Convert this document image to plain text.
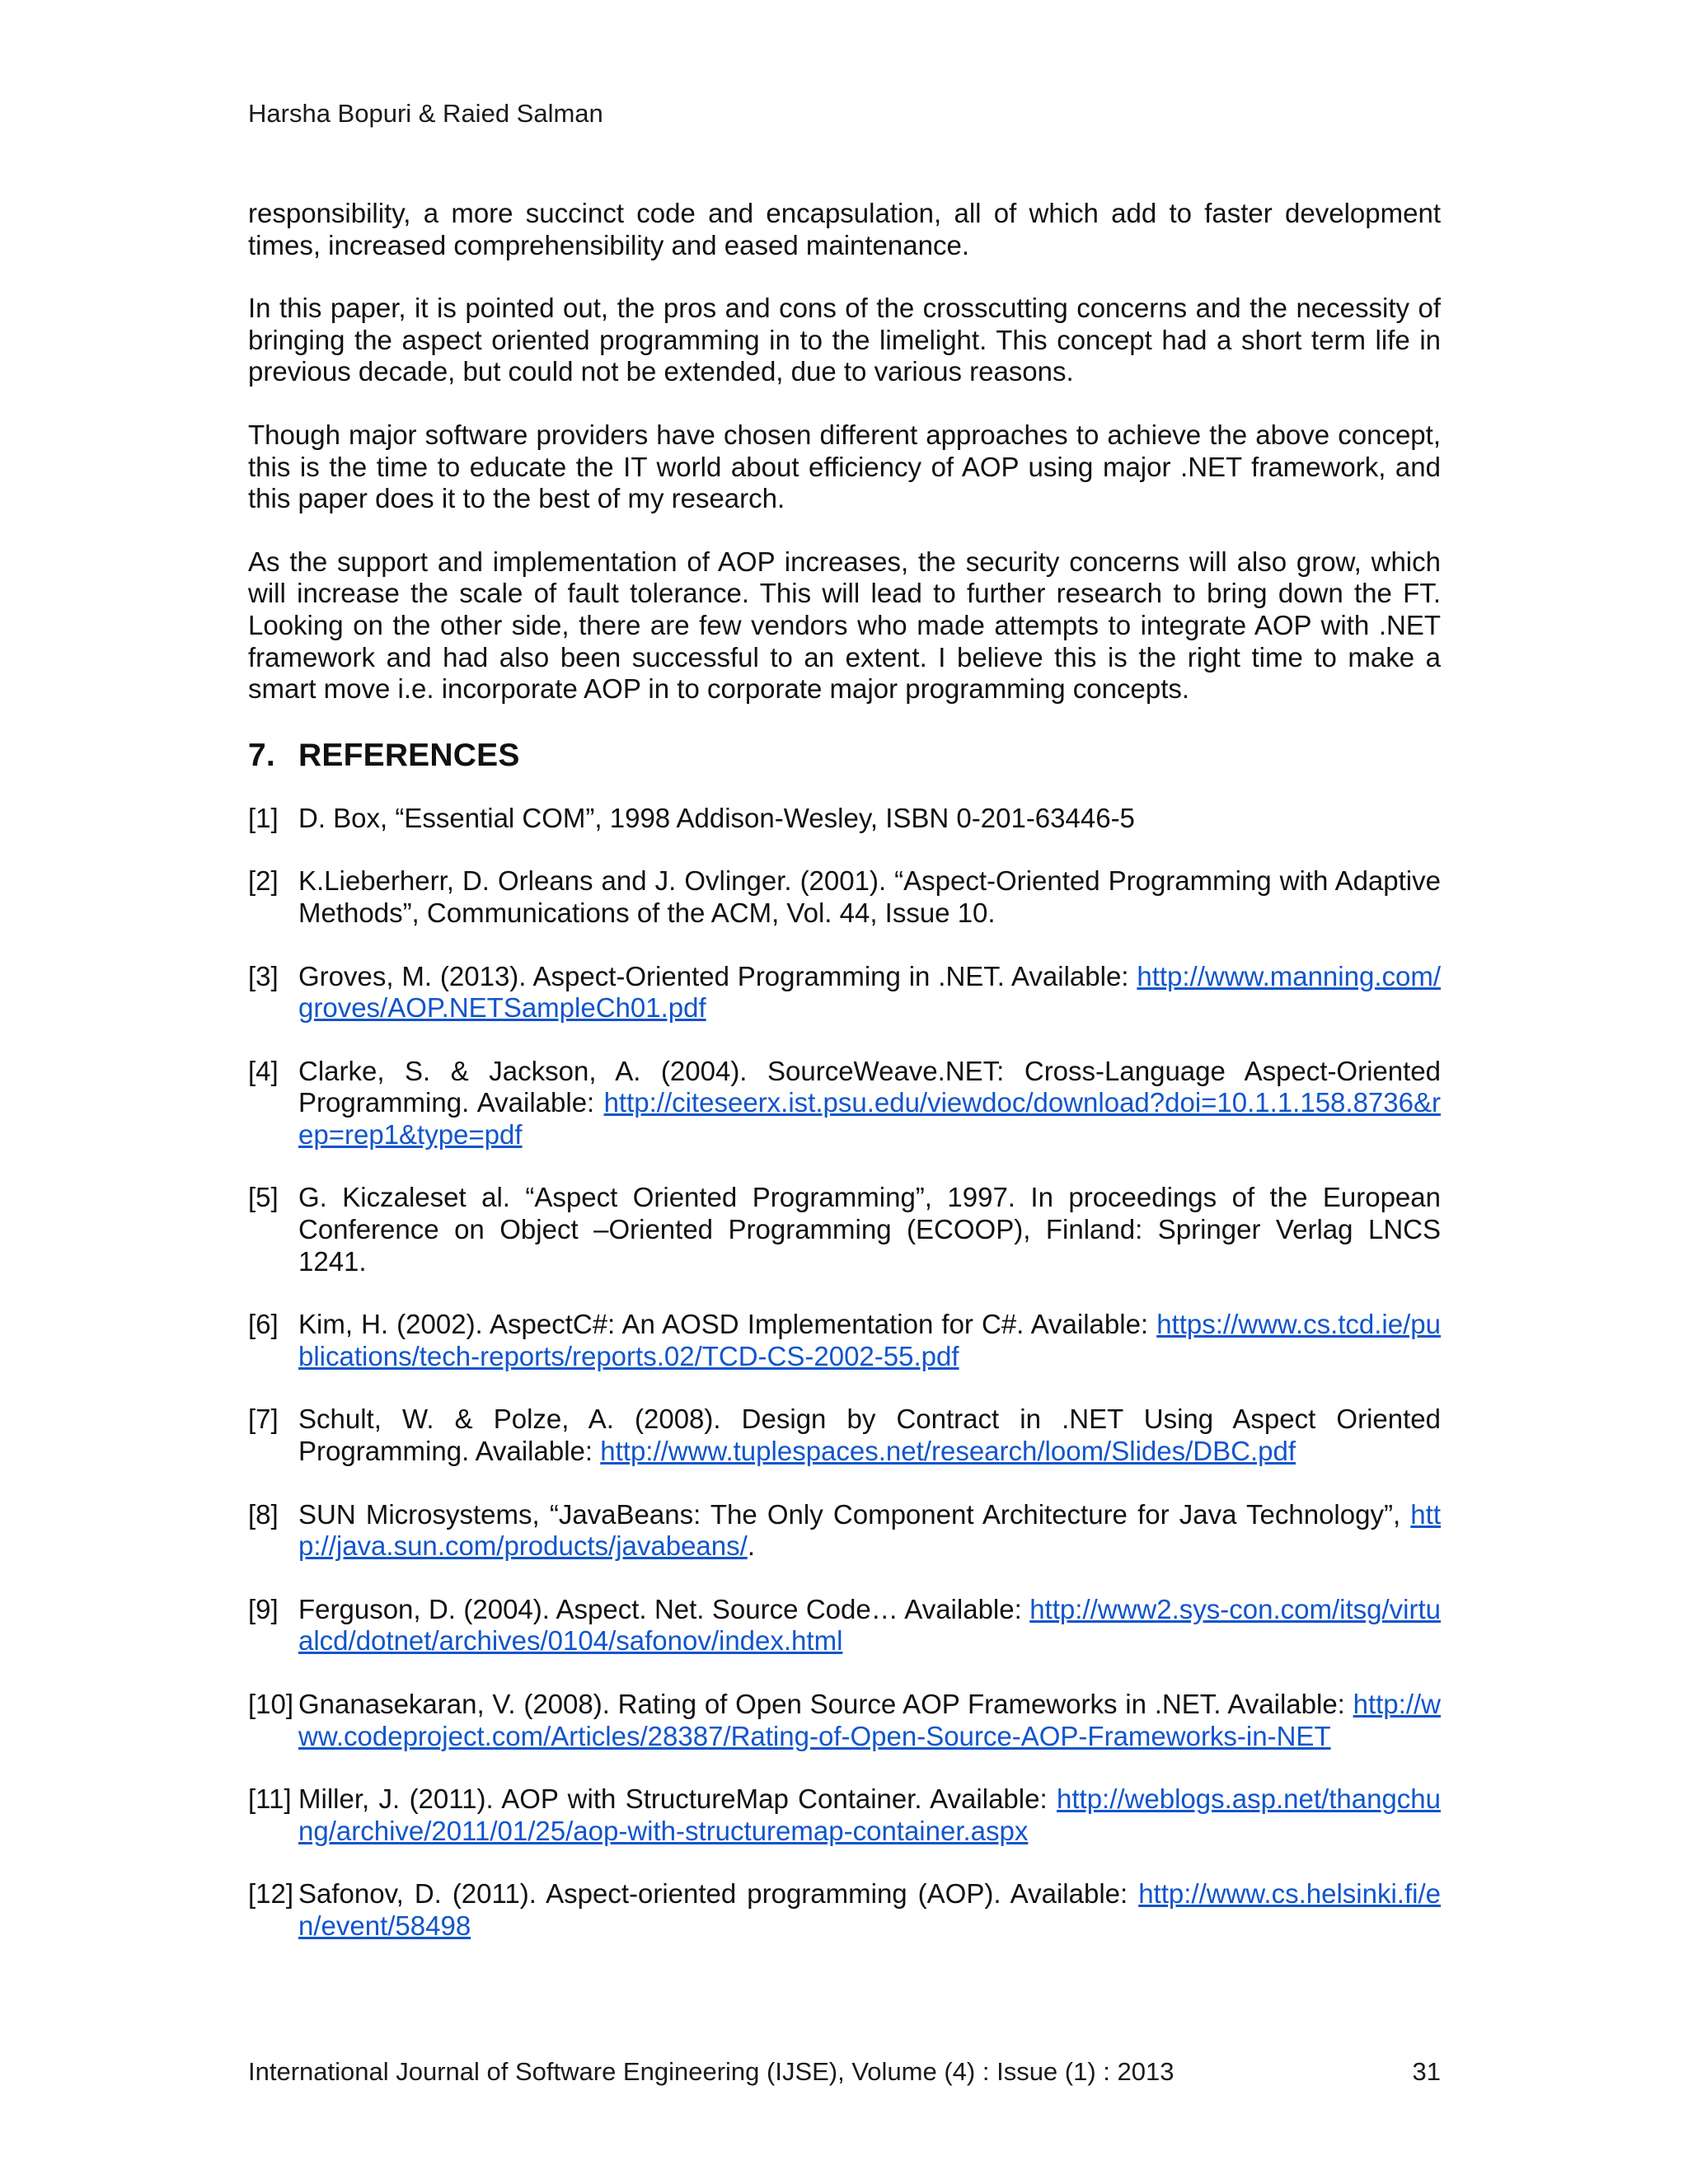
Harsha Bopuri & Raied Salman

responsibility, a more succinct code and encapsulation, all of which add to faster development times, increased comprehensibility and eased maintenance.

In this paper, it is pointed out, the pros and cons of the crosscutting concerns and the necessity of bringing the aspect oriented programming in to the limelight. This concept had a short term life in previous decade, but could not be extended, due to various reasons.

Though major software providers have chosen different approaches to achieve the above concept, this is the time to educate the IT world about efficiency of AOP using major .NET framework, and this paper does it to the best of my research.

As the support and implementation of AOP increases, the security concerns will also grow, which will increase the scale of fault tolerance. This will lead to further research to bring down the FT. Looking on the other side, there are few vendors who made attempts to integrate AOP with .NET framework and had also been successful to an extent. I believe this is the right time to make a smart move i.e. incorporate AOP in to corporate major programming concepts.

7. REFERENCES
[1] D. Box, “Essential COM”, 1998 Addison-Wesley, ISBN 0-201-63446-5
[2] K.Lieberherr, D. Orleans and J. Ovlinger. (2001). “Aspect-Oriented Programming with Adaptive Methods”, Communications of the ACM, Vol. 44, Issue 10.
[3] Groves, M. (2013). Aspect-Oriented Programming in .NET. Available: http://www.manning.com/groves/AOP.NETSampleCh01.pdf
[4] Clarke, S. & Jackson, A. (2004). SourceWeave.NET: Cross-Language Aspect-Oriented Programming. Available: http://citeseerx.ist.psu.edu/viewdoc/download?doi=10.1.1.158.8736&rep=rep1&type=pdf
[5] G. Kiczaleset al. “Aspect Oriented Programming”, 1997. In proceedings of the European Conference on Object –Oriented Programming (ECOOP), Finland: Springer Verlag LNCS 1241.
[6] Kim, H. (2002). AspectC#: An AOSD Implementation for C#. Available: https://www.cs.tcd.ie/publications/tech-reports/reports.02/TCD-CS-2002-55.pdf
[7] Schult, W. & Polze, A. (2008). Design by Contract in .NET Using Aspect Oriented Programming. Available: http://www.tuplespaces.net/research/loom/Slides/DBC.pdf
[8] SUN Microsystems, “JavaBeans: The Only Component Architecture for Java Technology”, http://java.sun.com/products/javabeans/.
[9] Ferguson, D. (2004). Aspect. Net. Source Code… Available: http://www2.sys-con.com/itsg/virtualcd/dotnet/archives/0104/safonov/index.html
[10] Gnanasekaran, V. (2008). Rating of Open Source AOP Frameworks in .NET. Available: http://www.codeproject.com/Articles/28387/Rating-of-Open-Source-AOP-Frameworks-in-NET
[11] Miller, J. (2011). AOP with StructureMap Container. Available: http://weblogs.asp.net/thangchung/archive/2011/01/25/aop-with-structuremap-container.aspx
[12] Safonov, D. (2011). Aspect-oriented programming (AOP). Available: http://www.cs.helsinki.fi/en/event/58498
International Journal of Software Engineering (IJSE), Volume (4) : Issue (1) : 2013	31
